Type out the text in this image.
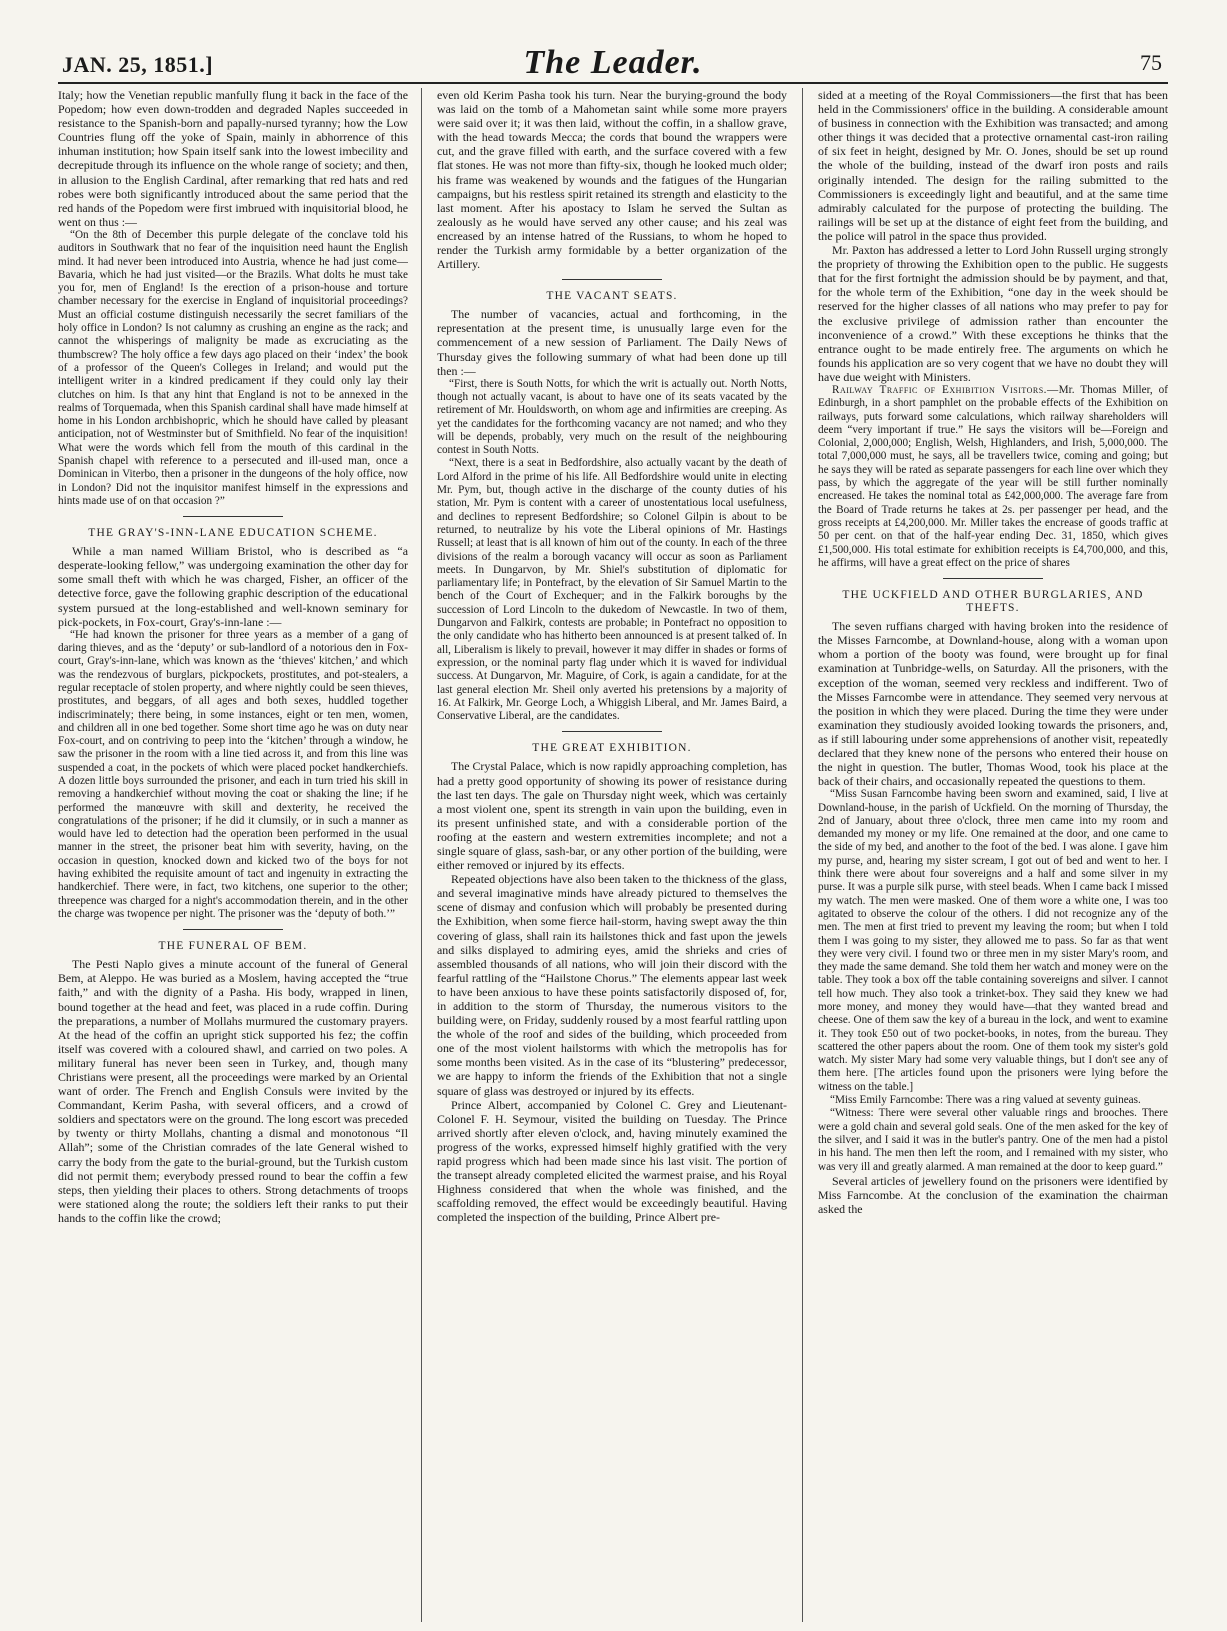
JAN. 25, 1851.]	The Leader.	75

Italy; how the Venetian republic manfully flung it back in the face of the Popedom; how even down-trodden and degraded Naples succeeded in resistance to the Spanish-born and papally-nursed tyranny; how the Low Countries flung off the yoke of Spain, mainly in abhorrence of this inhuman institution; how Spain itself sank into the lowest imbecility and decrepitude through its influence on the whole range of society; and then, in allusion to the English Cardinal, after remarking that red hats and red robes were both significantly introduced about the same period that the red hands of the Popedom were first imbrued with inquisitorial blood, he went on thus :—

“On the 8th of December this purple delegate of the conclave told his auditors in Southwark that no fear of the inquisition need haunt the English mind. It had never been introduced into Austria, whence he had just come—Bavaria, which he had just visited—or the Brazils. What dolts he must take you for, men of England! Is the erection of a prison-house and torture chamber necessary for the exercise in England of inquisitorial proceedings? Must an official costume distinguish necessarily the secret familiars of the holy office in London? Is not calumny as crushing an engine as the rack; and cannot the whisperings of malignity be made as excruciating as the thumbscrew? The holy office a few days ago placed on their ‘index’ the book of a professor of the Queen's Colleges in Ireland; and would put the intelligent writer in a kindred predicament if they could only lay their clutches on him. Is that any hint that England is not to be annexed in the realms of Torquemada, when this Spanish cardinal shall have made himself at home in his London archbishopric, which he should have called by pleasant anticipation, not of Westminster but of Smithfield. No fear of the inquisition! What were the words which fell from the mouth of this cardinal in the Spanish chapel with reference to a persecuted and ill-used man, once a Dominican in Viterbo, then a prisoner in the dungeons of the holy office, now in London? Did not the inquisitor manifest himself in the expressions and hints made use of on that occasion ?”

THE GRAY'S-INN-LANE EDUCATION SCHEME.

While a man named William Bristol, who is described as “a desperate-looking fellow,” was undergoing examination the other day for some small theft with which he was charged, Fisher, an officer of the detective force, gave the following graphic description of the educational system pursued at the long-established and well-known seminary for pick-pockets, in Fox-court, Gray's-inn-lane :—

“He had known the prisoner for three years as a member of a gang of daring thieves, and as the ‘deputy’ or sub-landlord of a notorious den in Fox-court, Gray's-inn-lane, which was known as the ‘thieves' kitchen,’ and which was the rendezvous of burglars, pickpockets, prostitutes, and pot-stealers, a regular receptacle of stolen property, and where nightly could be seen thieves, prostitutes, and beggars, of all ages and both sexes, huddled together indiscriminately; there being, in some instances, eight or ten men, women, and children all in one bed together. Some short time ago he was on duty near Fox-court, and on contriving to peep into the ‘kitchen’ through a window, he saw the prisoner in the room with a line tied across it, and from this line was suspended a coat, in the pockets of which were placed pocket handkerchiefs. A dozen little boys surrounded the prisoner, and each in turn tried his skill in removing a handkerchief without moving the coat or shaking the line; if he performed the manœuvre with skill and dexterity, he received the congratulations of the prisoner; if he did it clumsily, or in such a manner as would have led to detection had the operation been performed in the usual manner in the street, the prisoner beat him with severity, having, on the occasion in question, knocked down and kicked two of the boys for not having exhibited the requisite amount of tact and ingenuity in extracting the handkerchief. There were, in fact, two kitchens, one superior to the other; threepence was charged for a night's accommodation therein, and in the other the charge was twopence per night. The prisoner was the ‘deputy of both.’”

THE FUNERAL OF BEM.

The Pesti Naplo gives a minute account of the funeral of General Bem, at Aleppo. He was buried as a Moslem, having accepted the “true faith,” and with the dignity of a Pasha. His body, wrapped in linen, bound together at the head and feet, was placed in a rude coffin. During the preparations, a number of Mollahs murmured the customary prayers. At the head of the coffin an upright stick supported his fez; the coffin itself was covered with a coloured shawl, and carried on two poles. A military funeral has never been seen in Turkey, and, though many Christians were present, all the proceedings were marked by an Oriental want of order. The French and English Consuls were invited by the Commandant, Kerim Pasha, with several officers, and a crowd of soldiers and spectators were on the ground. The long escort was preceded by twenty or thirty Mollahs, chanting a dismal and monotonous “Il Allah”; some of the Christian comrades of the late General wished to carry the body from the gate to the burial-ground, but the Turkish custom did not permit them; everybody pressed round to bear the coffin a few steps, then yielding their places to others. Strong detachments of troops were stationed along the route; the soldiers left their ranks to put their hands to the coffin like the crowd;

even old Kerim Pasha took his turn. Near the burying-ground the body was laid on the tomb of a Mahometan saint while some more prayers were said over it; it was then laid, without the coffin, in a shallow grave, with the head towards Mecca; the cords that bound the wrappers were cut, and the grave filled with earth, and the surface covered with a few flat stones. He was not more than fifty-six, though he looked much older; his frame was weakened by wounds and the fatigues of the Hungarian campaigns, but his restless spirit retained its strength and elasticity to the last moment. After his apostacy to Islam he served the Sultan as zealously as he would have served any other cause; and his zeal was encreased by an intense hatred of the Russians, to whom he hoped to render the Turkish army formidable by a better organization of the Artillery.

THE VACANT SEATS.

The number of vacancies, actual and forthcoming, in the representation at the present time, is unusually large even for the commencement of a new session of Parliament. The Daily News of Thursday gives the following summary of what had been done up till then :—

“First, there is South Notts, for which the writ is actually out. North Notts, though not actually vacant, is about to have one of its seats vacated by the retirement of Mr. Houldsworth, on whom age and infirmities are creeping. As yet the candidates for the forthcoming vacancy are not named; and who they will be depends, probably, very much on the result of the neighbouring contest in South Notts.

“Next, there is a seat in Bedfordshire, also actually vacant by the death of Lord Alford in the prime of his life. All Bedfordshire would unite in electing Mr. Pym, but, though active in the discharge of the county duties of his station, Mr. Pym is content with a career of unostentatious local usefulness, and declines to represent Bedfordshire; so Colonel Gilpin is about to be returned, to neutralize by his vote the Liberal opinions of Mr. Hastings Russell; at least that is all known of him out of the county. In each of the three divisions of the realm a borough vacancy will occur as soon as Parliament meets. In Dungarvon, by Mr. Shiel's substitution of diplomatic for parliamentary life; in Pontefract, by the elevation of Sir Samuel Martin to the bench of the Court of Exchequer; and in the Falkirk boroughs by the succession of Lord Lincoln to the dukedom of Newcastle. In two of them, Dungarvon and Falkirk, contests are probable; in Pontefract no opposition to the only candidate who has hitherto been announced is at present talked of. In all, Liberalism is likely to prevail, however it may differ in shades or forms of expression, or the nominal party flag under which it is waved for individual success. At Dungarvon, Mr. Maguire, of Cork, is again a candidate, for at the last general election Mr. Sheil only averted his pretensions by a majority of 16. At Falkirk, Mr. George Loch, a Whiggish Liberal, and Mr. James Baird, a Conservative Liberal, are the candidates.

THE GREAT EXHIBITION.

The Crystal Palace, which is now rapidly approaching completion, has had a pretty good opportunity of showing its power of resistance during the last ten days. The gale on Thursday night week, which was certainly a most violent one, spent its strength in vain upon the building, even in its present unfinished state, and with a considerable portion of the roofing at the eastern and western extremities incomplete; and not a single square of glass, sash-bar, or any other portion of the building, were either removed or injured by its effects.

Repeated objections have also been taken to the thickness of the glass, and several imaginative minds have already pictured to themselves the scene of dismay and confusion which will probably be presented during the Exhibition, when some fierce hail-storm, having swept away the thin covering of glass, shall rain its hailstones thick and fast upon the jewels and silks displayed to admiring eyes, amid the shrieks and cries of assembled thousands of all nations, who will join their discord with the fearful rattling of the “Hailstone Chorus.” The elements appear last week to have been anxious to have these points satisfactorily disposed of, for, in addition to the storm of Thursday, the numerous visitors to the building were, on Friday, suddenly roused by a most fearful rattling upon the whole of the roof and sides of the building, which proceeded from one of the most violent hailstorms with which the metropolis has for some months been visited. As in the case of its “blustering” predecessor, we are happy to inform the friends of the Exhibition that not a single square of glass was destroyed or injured by its effects.

Prince Albert, accompanied by Colonel C. Grey and Lieutenant-Colonel F. H. Seymour, visited the building on Tuesday. The Prince arrived shortly after eleven o'clock, and, having minutely examined the progress of the works, expressed himself highly gratified with the very rapid progress which had been made since his last visit. The portion of the transept already completed elicited the warmest praise, and his Royal Highness considered that when the whole was finished, and the scaffolding removed, the effect would be exceedingly beautiful. Having completed the inspection of the building, Prince Albert pre-

sided at a meeting of the Royal Commissioners—the first that has been held in the Commissioners' office in the building. A considerable amount of business in connection with the Exhibition was transacted; and among other things it was decided that a protective ornamental cast-iron railing of six feet in height, designed by Mr. O. Jones, should be set up round the whole of the building, instead of the dwarf iron posts and rails originally intended. The design for the railing submitted to the Commissioners is exceedingly light and beautiful, and at the same time admirably calculated for the purpose of protecting the building. The railings will be set up at the distance of eight feet from the building, and the police will patrol in the space thus provided.

Mr. Paxton has addressed a letter to Lord John Russell urging strongly the propriety of throwing the Exhibition open to the public. He suggests that for the first fortnight the admission should be by payment, and that, for the whole term of the Exhibition, “one day in the week should be reserved for the higher classes of all nations who may prefer to pay for the exclusive privilege of admission rather than encounter the inconvenience of a crowd.” With these exceptions he thinks that the entrance ought to be made entirely free. The arguments on which he founds his application are so very cogent that we have no doubt they will have due weight with Ministers.

Railway Traffic of Exhibition Visitors.—Mr. Thomas Miller, of Edinburgh, in a short pamphlet on the probable effects of the Exhibition on railways, puts forward some calculations, which railway shareholders will deem “very important if true.” He says the visitors will be—Foreign and Colonial, 2,000,000; English, Welsh, Highlanders, and Irish, 5,000,000. The total 7,000,000 must, he says, all be travellers twice, coming and going; but he says they will be rated as separate passengers for each line over which they pass, by which the aggregate of the year will be still further nominally encreased. He takes the nominal total as £42,000,000. The average fare from the Board of Trade returns he takes at 2s. per passenger per head, and the gross receipts at £4,200,000. Mr. Miller takes the encrease of goods traffic at 50 per cent. on that of the half-year ending Dec. 31, 1850, which gives £1,500,000. His total estimate for exhibition receipts is £4,700,000, and this, he affirms, will have a great effect on the price of shares

THE UCKFIELD AND OTHER BURGLARIES, AND THEFTS.

The seven ruffians charged with having broken into the residence of the Misses Farncombe, at Downland-house, along with a woman upon whom a portion of the booty was found, were brought up for final examination at Tunbridge-wells, on Saturday. All the prisoners, with the exception of the woman, seemed very reckless and indifferent. Two of the Misses Farncombe were in attendance. They seemed very nervous at the position in which they were placed. During the time they were under examination they studiously avoided looking towards the prisoners, and, as if still labouring under some apprehensions of another visit, repeatedly declared that they knew none of the persons who entered their house on the night in question. The butler, Thomas Wood, took his place at the back of their chairs, and occasionally repeated the questions to them.

“Miss Susan Farncombe having been sworn and examined, said, I live at Downland-house, in the parish of Uckfield. On the morning of Thursday, the 2nd of January, about three o'clock, three men came into my room and demanded my money or my life. One remained at the door, and one came to the side of my bed, and another to the foot of the bed. I was alone. I gave him my purse, and, hearing my sister scream, I got out of bed and went to her. I think there were about four sovereigns and a half and some silver in my purse. It was a purple silk purse, with steel beads. When I came back I missed my watch. The men were masked. One of them wore a white one, I was too agitated to observe the colour of the others. I did not recognize any of the men. The men at first tried to prevent my leaving the room; but when I told them I was going to my sister, they allowed me to pass. So far as that went they were very civil. I found two or three men in my sister Mary's room, and they made the same demand. She told them her watch and money were on the table. They took a box off the table containing sovereigns and silver. I cannot tell how much. They also took a trinket-box. They said they knew we had more money, and money they would have—that they wanted bread and cheese. One of them saw the key of a bureau in the lock, and went to examine it. They took £50 out of two pocket-books, in notes, from the bureau. They scattered the other papers about the room. One of them took my sister's gold watch. My sister Mary had some very valuable things, but I don't see any of them here. [The articles found upon the prisoners were lying before the witness on the table.]

“Miss Emily Farncombe: There was a ring valued at seventy guineas.

“Witness: There were several other valuable rings and brooches. There were a gold chain and several gold seals. One of the men asked for the key of the silver, and I said it was in the butler's pantry. One of the men had a pistol in his hand. The men then left the room, and I remained with my sister, who was very ill and greatly alarmed. A man remained at the door to keep guard.”

Several articles of jewellery found on the prisoners were identified by Miss Farncombe. At the conclusion of the examination the chairman asked the
